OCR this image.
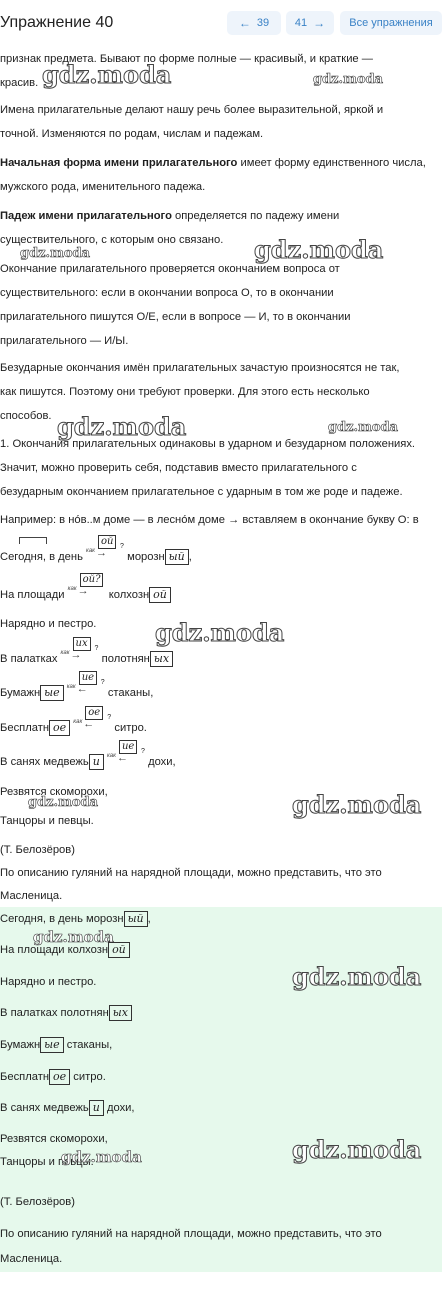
Упражнение 40	← 39 41 → Все упражнения
признак предмета. Бывают по форме полные — красивый, и краткие —
красив.
Имена прилагательные делают нашу речь более выразительной, яркой и
точной. Изменяются по родам, числам и падежам.
Начальная форма имени прилагательного имеет форму единственного числа,
мужского рода, именительного падежа.
Падеж имени прилагательного определяется по падежу имени
существительного, с которым оно связано.
Окончание прилагательного проверяется окончанием вопроса от
существительного: если в окончании вопроса О, то в окончании
прилагательного пишутся О/Е, если в вопросе — И, то в окончании
прилагательного — И/Ы.
Безударные окончания имён прилагательных зачастую произносятся не так,
как пишутся. Поэтому они требуют проверки. Для этого есть несколько
способов.
1. Окончания прилагательных одинаковы в ударном и безударном положениях.
Значит, можно проверить себя, подставив вместо прилагательного с
безударным окончанием прилагательное с ударным в том же роде и падеже.
Например: в нóв..м доме — в леснóм доме → вставляем в окончание букву О: в
Сегодня, в день как
ой ?
→ морозн ый ,
На площади как
ой?
→ колхозн ой
Нарядно и пестро.
В палатках как
их ?
→ полотнян ых
Бумажн ые как
ие ?
← стаканы,
Бесплатн ое как
ое	?
← ситро.
В санях медвежь и как
ие ?
← дохи,
Резвятся скоморохи,
Танцоры и певцы.
(Т. Белозёров)
По описанию гуляний на нарядной площади, можно представить, что это
Масленица.
Сегодня, в день морозн ый ,
На площади колхозн ой
Нарядно и пестро.
В палатках полотнян ых
Бумажн ые стаканы,
Бесплатн ое ситро.
В санях медвежь и дохи,
Резвятся скоморохи,
Танцоры и певцы.
(Т. Белозёров)
По описанию гуляний на нарядной площади, можно представить, что это
Масленица.
gdz.moda	gdz.moda
gdz.moda
gdz.moda
gdz.moda	gdz.moda
gdz.moda
gdz.moda
gdz.moda
gdz.moda
gdz.moda
gdz.moda
gdz.moda
